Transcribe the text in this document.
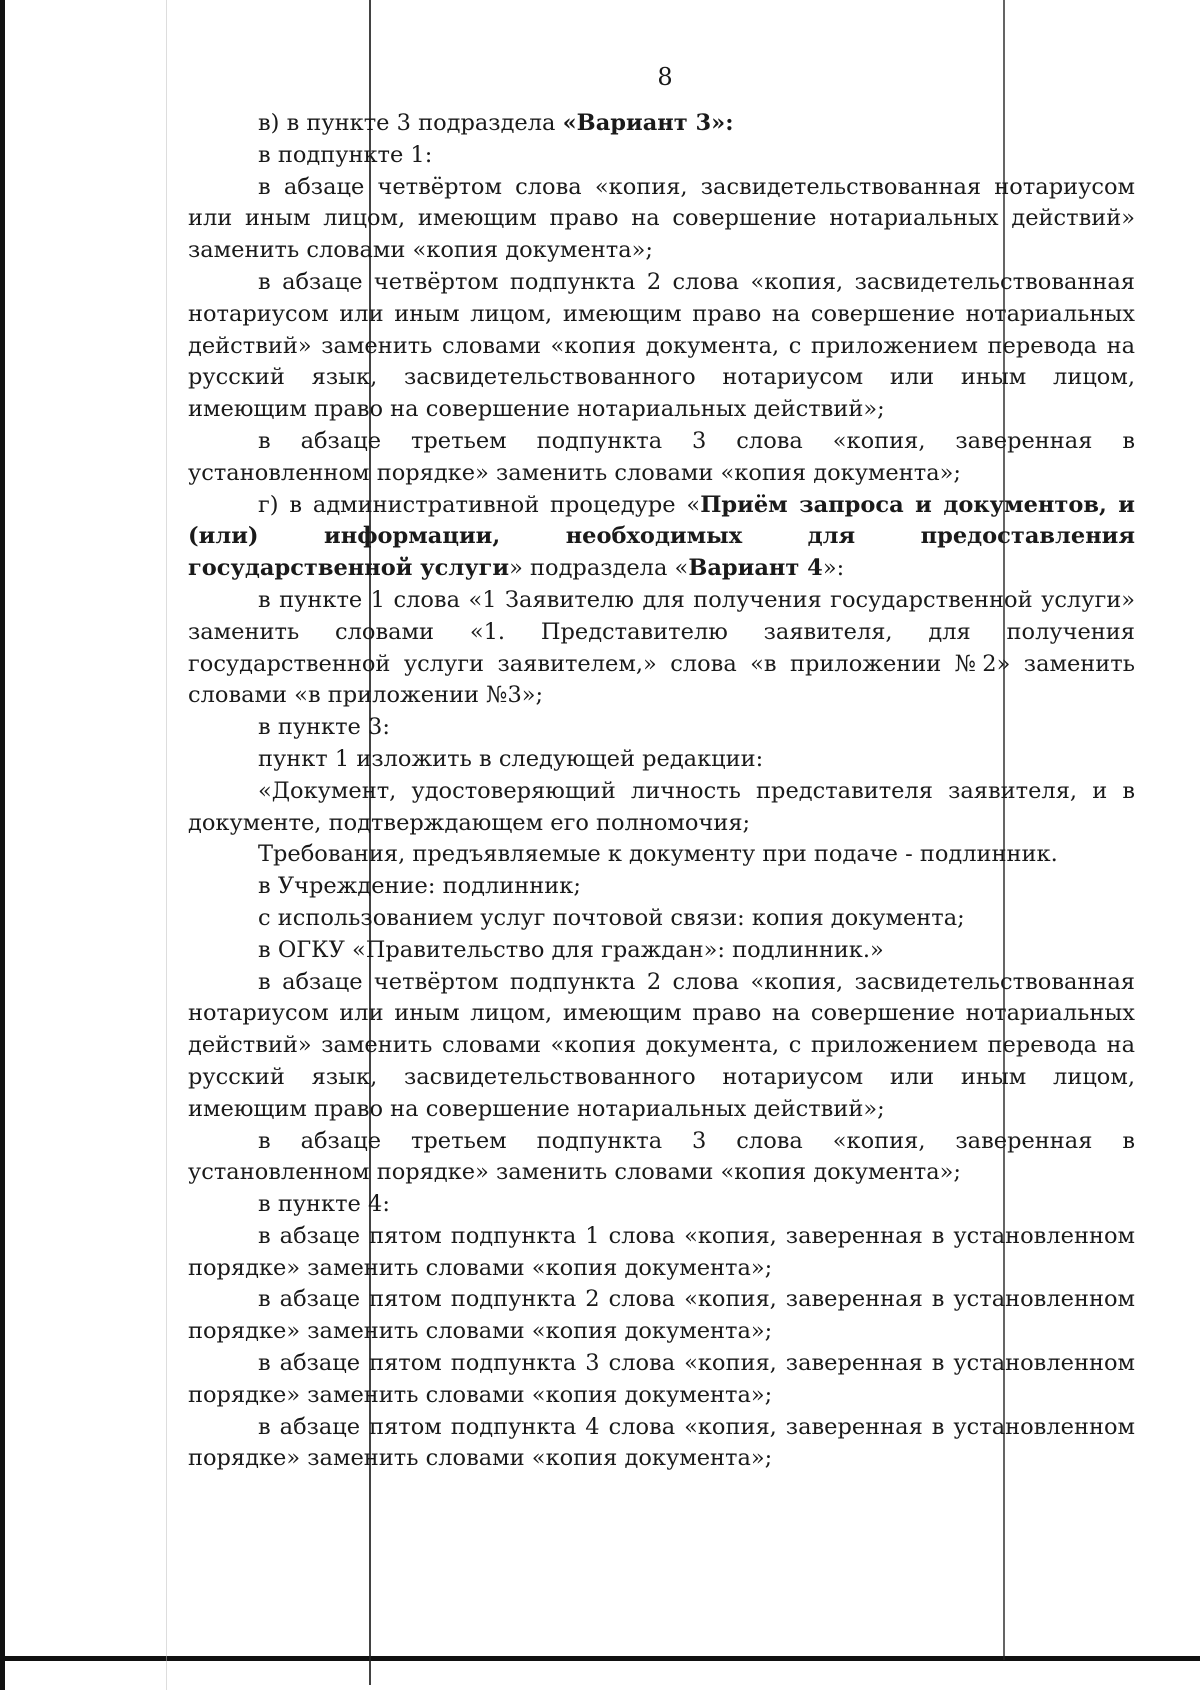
8

в) в пункте 3 подраздела «Вариант 3»:

в подпункте 1:

в абзаце четвёртом слова «копия, засвидетельствованная нотариусом или иным лицом, имеющим право на совершение нотариальных действий» заменить словами «копия документа»;

в абзаце четвёртом подпункта 2 слова «копия, засвидетельствованная нотариусом или иным лицом, имеющим право на совершение нотариальных действий» заменить словами «копия документа, с приложением перевода на русский язык, засвидетельствованного нотариусом или иным лицом, имеющим право на совершение нотариальных действий»;

в абзаце третьем подпункта 3 слова «копия, заверенная в установленном порядке» заменить словами «копия документа»;

г) в административной процедуре «Приём запроса и документов, и (или) информации, необходимых для предоставления государственной услуги» подраздела «Вариант 4»:

в пункте 1 слова «1 Заявителю для получения государственной услуги» заменить словами «1. Представителю заявителя, для получения государственной услуги заявителем,» слова «в приложении №2» заменить словами «в приложении №3»;

в пункте 3:

пункт 1 изложить в следующей редакции:

«Документ, удостоверяющий личность представителя заявителя, и в документе, подтверждающем его полномочия;

Требования, предъявляемые к документу при подаче - подлинник.

в Учреждение: подлинник;

с использованием услуг почтовой связи: копия документа;

в ОГКУ «Правительство для граждан»: подлинник.»

в абзаце четвёртом подпункта 2 слова «копия, засвидетельствованная нотариусом или иным лицом, имеющим право на совершение нотариальных действий» заменить словами «копия документа, с приложением перевода на русский язык, засвидетельствованного нотариусом или иным лицом, имеющим право на совершение нотариальных действий»;

в абзаце третьем подпункта 3 слова «копия, заверенная в установленном порядке» заменить словами «копия документа»;

в пункте 4:

в абзаце пятом подпункта 1 слова «копия, заверенная в установленном порядке» заменить словами «копия документа»;

в абзаце пятом подпункта 2 слова «копия, заверенная в установленном порядке» заменить словами «копия документа»;

в абзаце пятом подпункта 3 слова «копия, заверенная в установленном порядке» заменить словами «копия документа»;

в абзаце пятом подпункта 4 слова «копия, заверенная в установленном порядке» заменить словами «копия документа»;
